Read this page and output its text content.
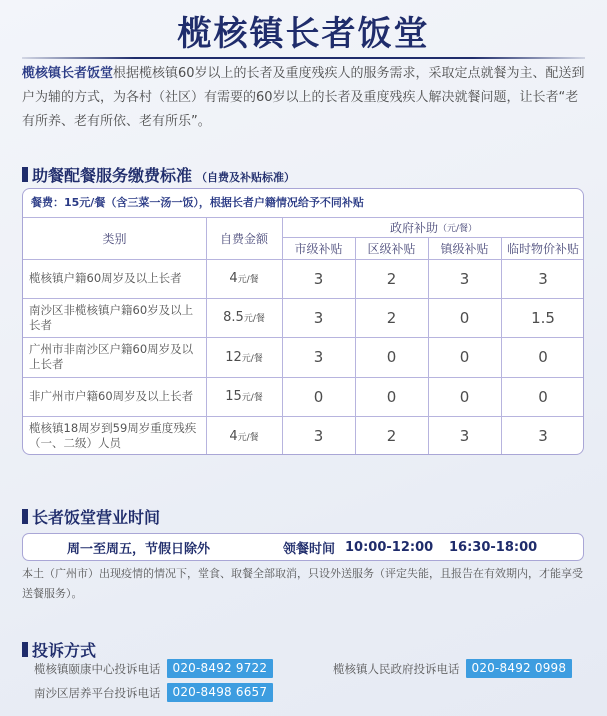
榄核镇长者饭堂
榄核镇长者饭堂根据榄核镇60岁以上的长者及重度残疾人的服务需求，采取定点就餐为主、配送到户为辅的方式，为各村（社区）有需要的60岁以上的长者及重度残疾人解决就餐问题，让长者“老有所养、老有所依、老有所乐”。
助餐配餐服务缴费标准 （自费及补贴标准）
餐费：15元/餐（含三菜一汤一饭），根据长者户籍情况给予不同补贴
类别	自费金额
政府补助 （元/餐）
市级补贴	区级补贴	镇级补贴	临时物价补贴
榄核镇户籍60周岁及以上长者	4 元/餐	3	2	3	3
南沙区非榄核镇户籍60岁及以上长者	8.5 元/餐	3	2	0	1.5
广州市非南沙区户籍60周岁及以上长者	12 元/餐	3	0	0	0
非广州市户籍60周岁及以上长者	15 元/餐	0	0	0	0
榄核镇18周岁到59周岁重度残疾（一、二级）人员	4 元/餐	3	2	3	3
长者饭堂营业时间
周一至周五，节假日除外	领餐时间 10:00-12:00 16:30-18:00
本土（广州市）出现疫情的情况下，堂食、取餐全部取消，只设外送服务（评定失能，且报告在有效期内，才能享受送餐服务）。
投诉方式
榄核镇颐康中心投诉电话	020-8492 9722	榄核镇人民政府投诉电话	020-8492 0998
南沙区居养平台投诉电话	020-8498 6657
